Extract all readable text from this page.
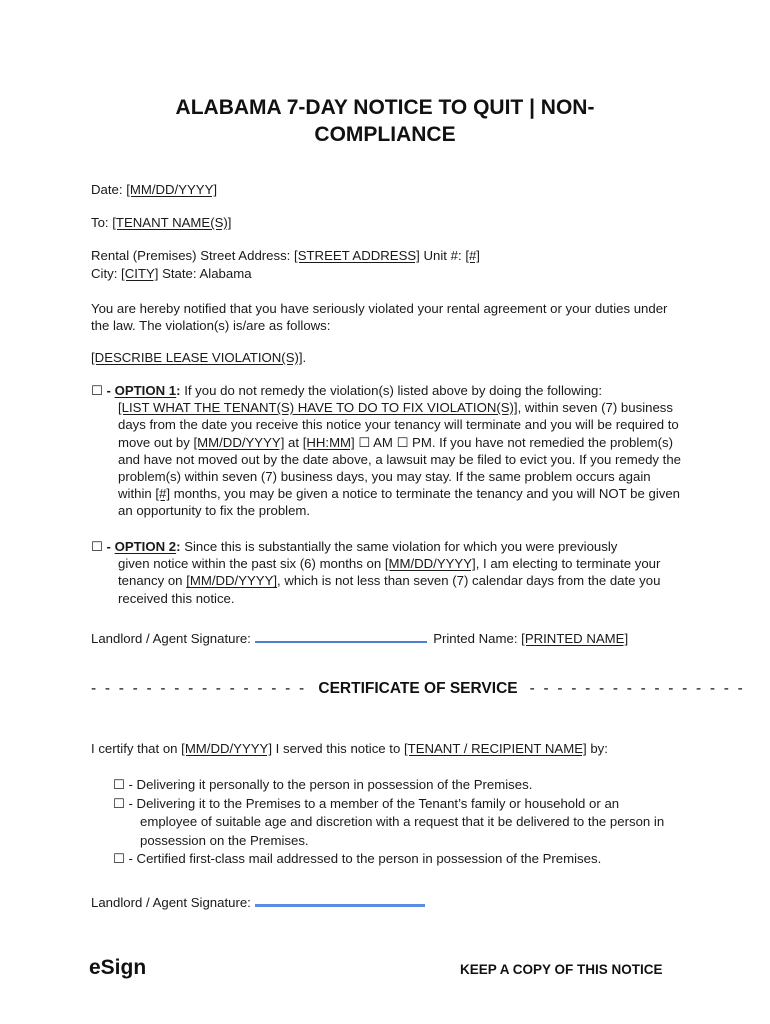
ALABAMA 7-DAY NOTICE TO QUIT | NON-COMPLIANCE
Date: [MM/DD/YYYY]
To: [TENANT NAME(S)]
Rental (Premises) Street Address: [STREET ADDRESS] Unit #: [#]
City: [CITY] State: Alabama
You are hereby notified that you have seriously violated your rental agreement or your duties under the law. The violation(s) is/are as follows:
[DESCRIBE LEASE VIOLATION(S)].
☐ - OPTION 1: If you do not remedy the violation(s) listed above by doing the following:
[LIST WHAT THE TENANT(S) HAVE TO DO TO FIX VIOLATION(S)], within seven (7) business days from the date you receive this notice your tenancy will terminate and you will be required to move out by [MM/DD/YYYY] at [HH:MM] ☐ AM ☐ PM. If you have not remedied the problem(s) and have not moved out by the date above, a lawsuit may be filed to evict you. If you remedy the problem(s) within seven (7) business days, you may stay. If the same problem occurs again within [#] months, you may be given a notice to terminate the tenancy and you will NOT be given an opportunity to fix the problem.
☐ - OPTION 2: Since this is substantially the same violation for which you were previously
given notice within the past six (6) months on [MM/DD/YYYY], I am electing to terminate your tenancy on [MM/DD/YYYY], which is not less than seven (7) calendar days from the date you received this notice.
Landlord / Agent Signature:	Printed Name: [PRINTED NAME]
- - - - - - - - - - - - - - - - CERTIFICATE OF SERVICE - - - - - - - - - - - - - - - -
I certify that on [MM/DD/YYYY] I served this notice to [TENANT / RECIPIENT NAME] by:
☐ - Delivering it personally to the person in possession of the Premises.
☐ - Delivering it to the Premises to a member of the Tenant’s family or household or an employee of suitable age and discretion with a request that it be delivered to the person in possession on the Premises.
☐ - Certified first-class mail addressed to the person in possession of the Premises.
Landlord / Agent Signature:
eSign	KEEP A COPY OF THIS NOTICE
